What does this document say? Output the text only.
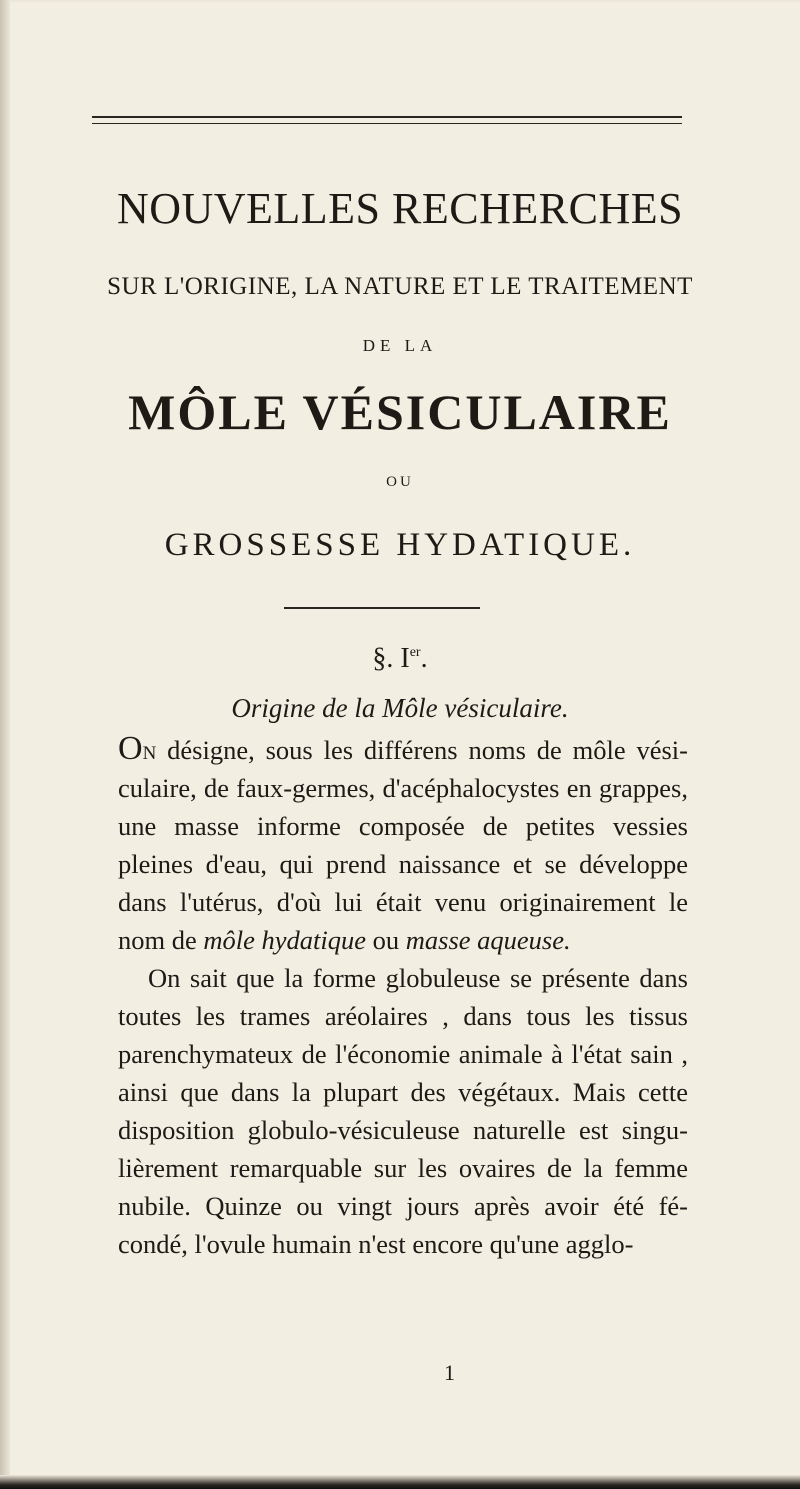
NOUVELLES RECHERCHES
SUR L'ORIGINE, LA NATURE ET LE TRAITEMENT
DE LA
MÔLE VÉSICULAIRE
OU
GROSSESSE HYDATIQUE.
§. Ier.
Origine de la Môle vésiculaire.

On désigne, sous les différens noms de môle vési-culaire, de faux-germes, d'acéphalocystes en grappes, une masse informe composée de petites vessies pleines d'eau, qui prend naissance et se développe dans l'utérus, d'où lui était venu originairement le nom de môle hydatique ou masse aqueuse.

On sait que la forme globuleuse se présente dans toutes les trames aréolaires , dans tous les tissus parenchymateux de l'économie animale à l'état sain , ainsi que dans la plupart des végétaux. Mais cette disposition globulo-vésiculeuse naturelle est singu-lièrement remarquable sur les ovaires de la femme nubile. Quinze ou vingt jours après avoir été fé-condé, l'ovule humain n'est encore qu'une agglo-

1
